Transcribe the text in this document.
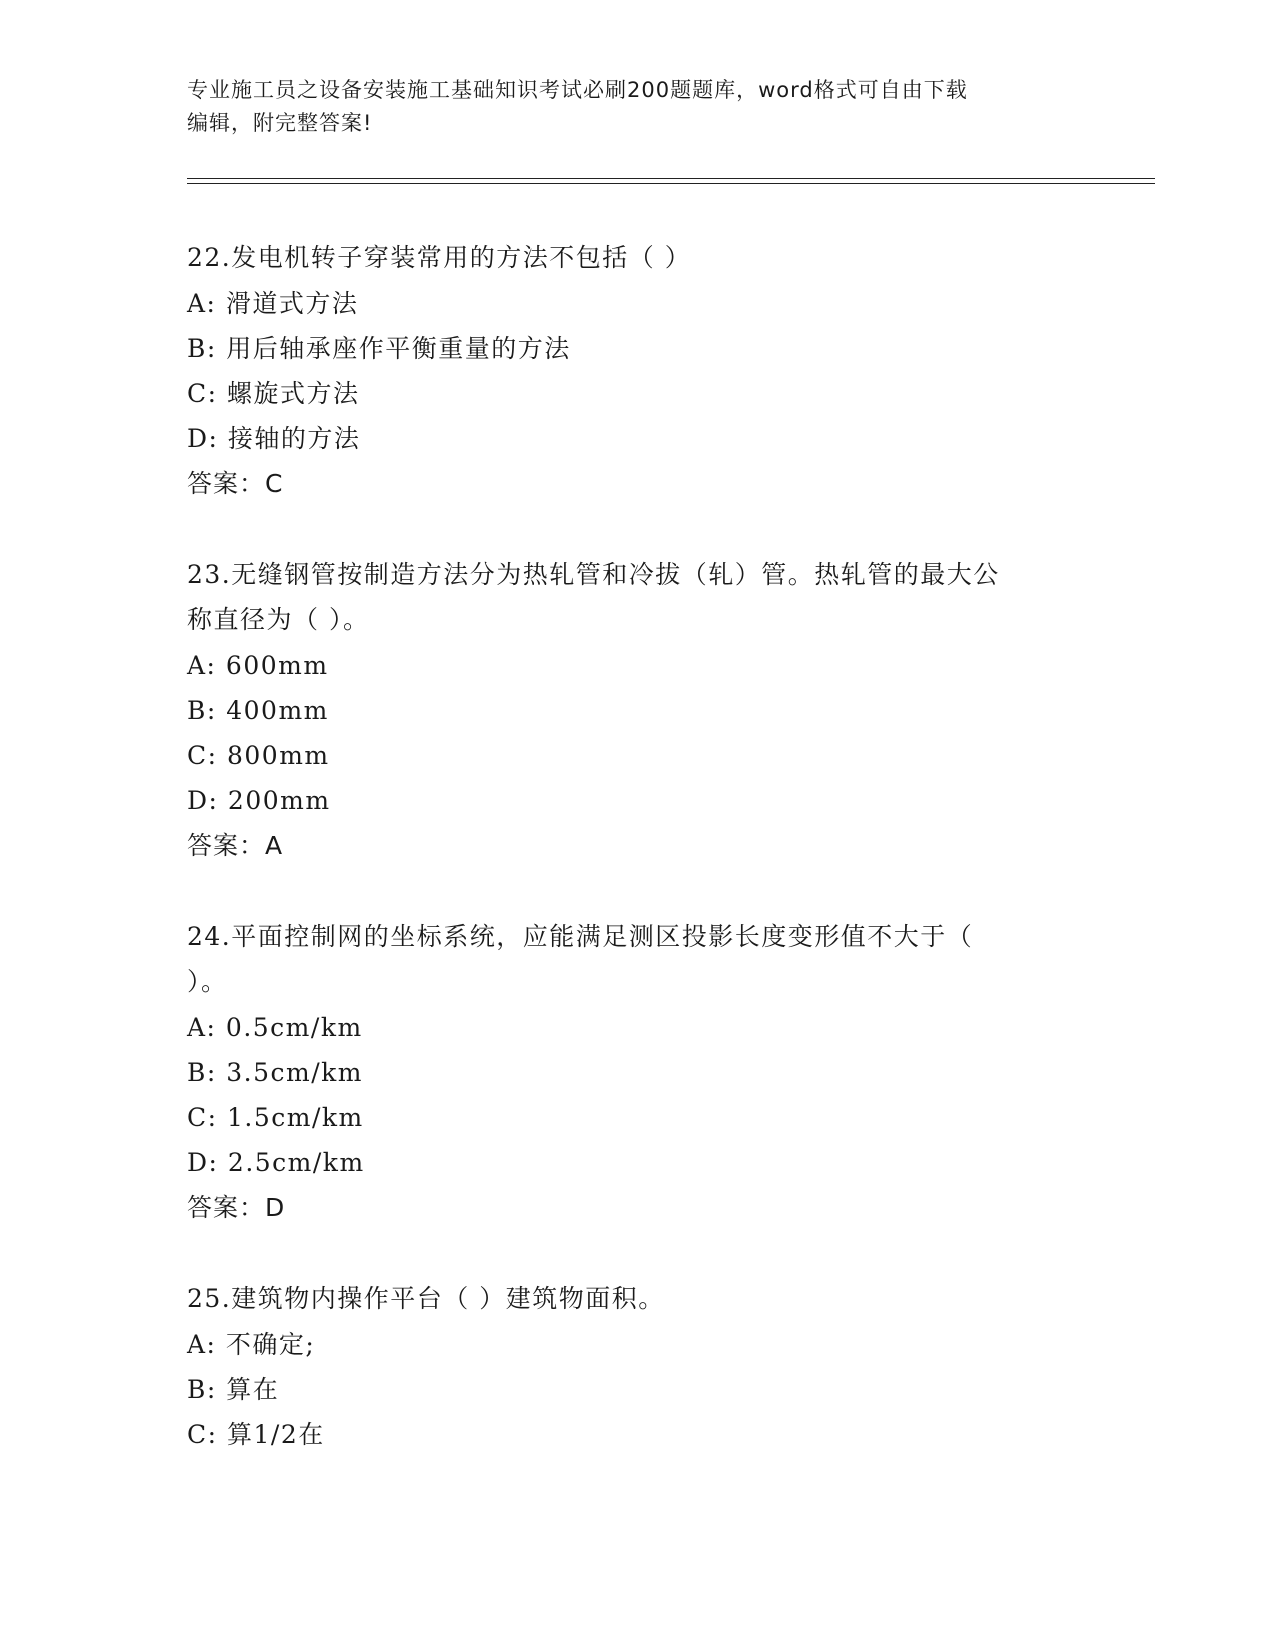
专业施工员之设备安装施工基础知识考试必刷200题题库，word格式可自由下载
编辑，附完整答案!
22.发电机转子穿装常用的方法不包括（ ）
A: 滑道式方法
B: 用后轴承座作平衡重量的方法
C: 螺旋式方法
D: 接轴的方法
答案：C
23.无缝钢管按制造方法分为热轧管和冷拔（轧）管。热轧管的最大公
称直径为（ ）。
A: 600mm
B: 400mm
C: 800mm
D: 200mm
答案：A
24.平面控制网的坐标系统，应能满足测区投影长度变形值不大于（
）。
A: 0.5cm/km
B: 3.5cm/km
C: 1.5cm/km
D: 2.5cm/km
答案：D
25.建筑物内操作平台（ ）建筑物面积。
A: 不确定;
B: 算在
C: 算1/2在
